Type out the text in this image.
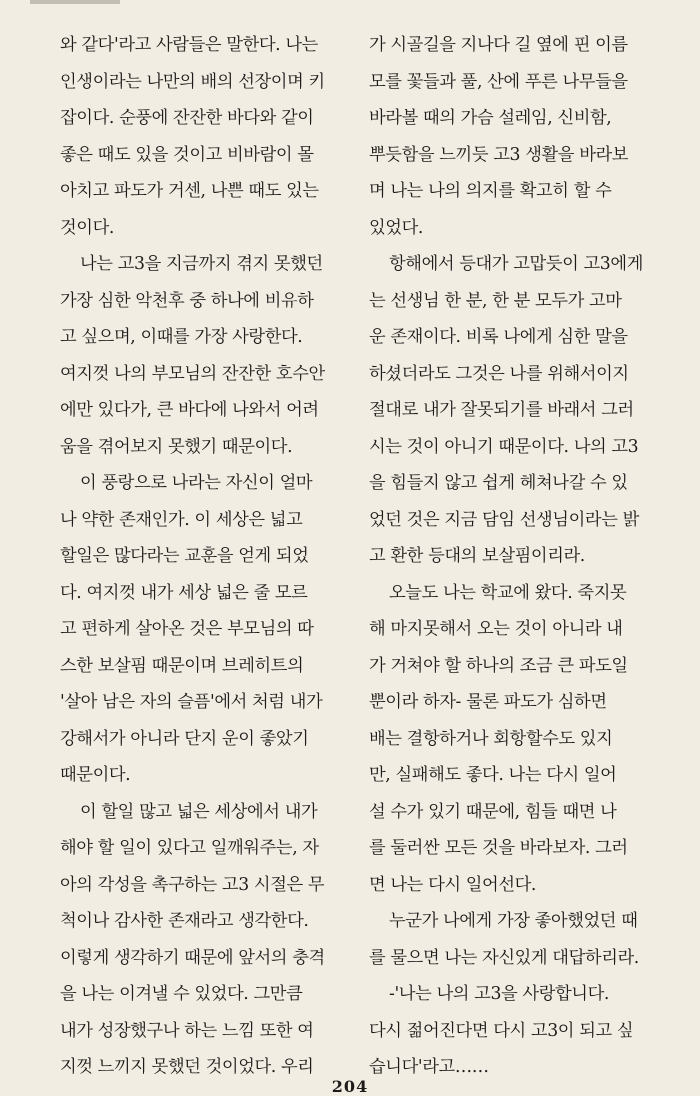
와 같다'라고 사람들은 말한다. 나는
인생이라는 나만의 배의 선장이며 키
잡이다. 순풍에 잔잔한 바다와 같이
좋은 때도 있을 것이고 비바람이 몰
아치고 파도가 거센, 나쁜 때도 있는
것이다.
나는 고3을 지금까지 겪지 못했던
가장 심한 악천후 중 하나에 비유하
고 싶으며, 이때를 가장 사랑한다.
여지껏 나의 부모님의 잔잔한 호수안
에만 있다가, 큰 바다에 나와서 어려
움을 겪어보지 못했기 때문이다.
이 풍랑으로 나라는 자신이 얼마
나 약한 존재인가. 이 세상은 넓고
할일은 많다라는 교훈을 얻게 되었
다. 여지껏 내가 세상 넓은 줄 모르
고 편하게 살아온 것은 부모님의 따
스한 보살핌 때문이며 브레히트의
'살아 남은 자의 슬픔'에서 처럼 내가
강해서가 아니라 단지 운이 좋았기
때문이다.
이 할일 많고 넓은 세상에서 내가
해야 할 일이 있다고 일깨워주는, 자
아의 각성을 촉구하는 고3 시절은 무
척이나 감사한 존재라고 생각한다.
이렇게 생각하기 때문에 앞서의 충격
을 나는 이겨낼 수 있었다. 그만큼
내가 성장했구나 하는 느낌 또한 여
지껏 느끼지 못했던 것이었다. 우리
가 시골길을 지나다 길 옆에 핀 이름
모를 꽃들과 풀, 산에 푸른 나무들을
바라볼 때의 가슴 설레임, 신비함,
뿌듯함을 느끼듯 고3 생활을 바라보
며 나는 나의 의지를 확고히 할 수
있었다.
항해에서 등대가 고맙듯이 고3에게
는 선생님 한 분, 한 분 모두가 고마
운 존재이다. 비록 나에게 심한 말을
하셨더라도 그것은 나를 위해서이지
절대로 내가 잘못되기를 바래서 그러
시는 것이 아니기 때문이다. 나의 고3
을 힘들지 않고 쉽게 헤쳐나갈 수 있
었던 것은 지금 담임 선생님이라는 밝
고 환한 등대의 보살핌이리라.
오늘도 나는 학교에 왔다. 죽지못
해 마지못해서 오는 것이 아니라 내
가 거쳐야 할 하나의 조금 큰 파도일
뿐이라 하자- 물론 파도가 심하면
배는 결항하거나 회항할수도 있지
만, 실패해도 좋다. 나는 다시 일어
설 수가 있기 때문에, 힘들 때면 나
를 둘러싼 모든 것을 바라보자. 그러
면 나는 다시 일어선다.
누군가 나에게 가장 좋아했었던 때
를 물으면 나는 자신있게 대답하리라.
-'나는 나의 고3을 사랑합니다.
다시 젊어진다면 다시 고3이 되고 싶
습니다'라고……
204
